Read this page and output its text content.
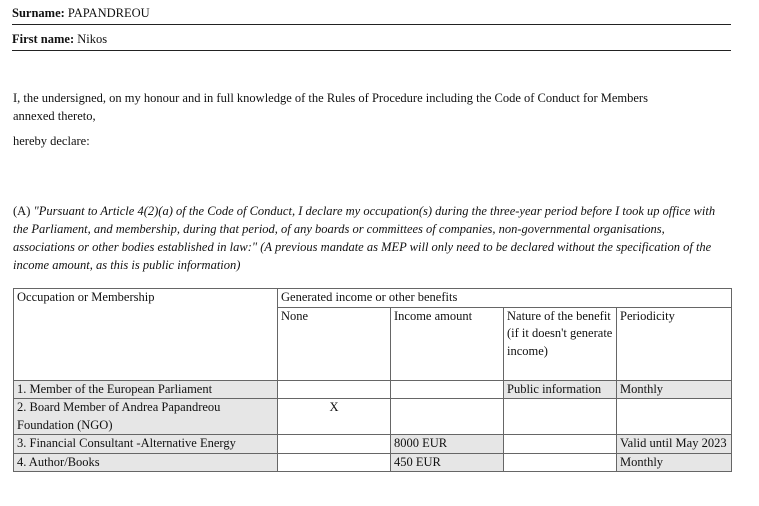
Surname: PAPANDREOU
First name: Nikos
I, the undersigned, on my honour and in full knowledge of the Rules of Procedure including the Code of Conduct for Members
annexed thereto,
hereby declare:
(A) "Pursuant to Article 4(2)(a) of the Code of Conduct, I declare my occupation(s) during the three-year period before I took up office with the Parliament, and membership, during that period, of any boards or committees of companies, non-governmental organisations, associations or other bodies established in law:" (A previous mandate as MEP will only need to be declared without the specification of the income amount, as this is public information)
Occupation or Membership	Generated income or other benefits			
	None	Income amount	Nature of the benefit (if it doesn't generate income)	Periodicity
1. Member of the European Parliament			Public information	Monthly
2. Board Member of Andrea Papandreou Foundation (NGO)	X			
3. Financial Consultant -Alternative Energy		8000 EUR		Valid until May 2023
4. Author/Books		450 EUR		Monthly
